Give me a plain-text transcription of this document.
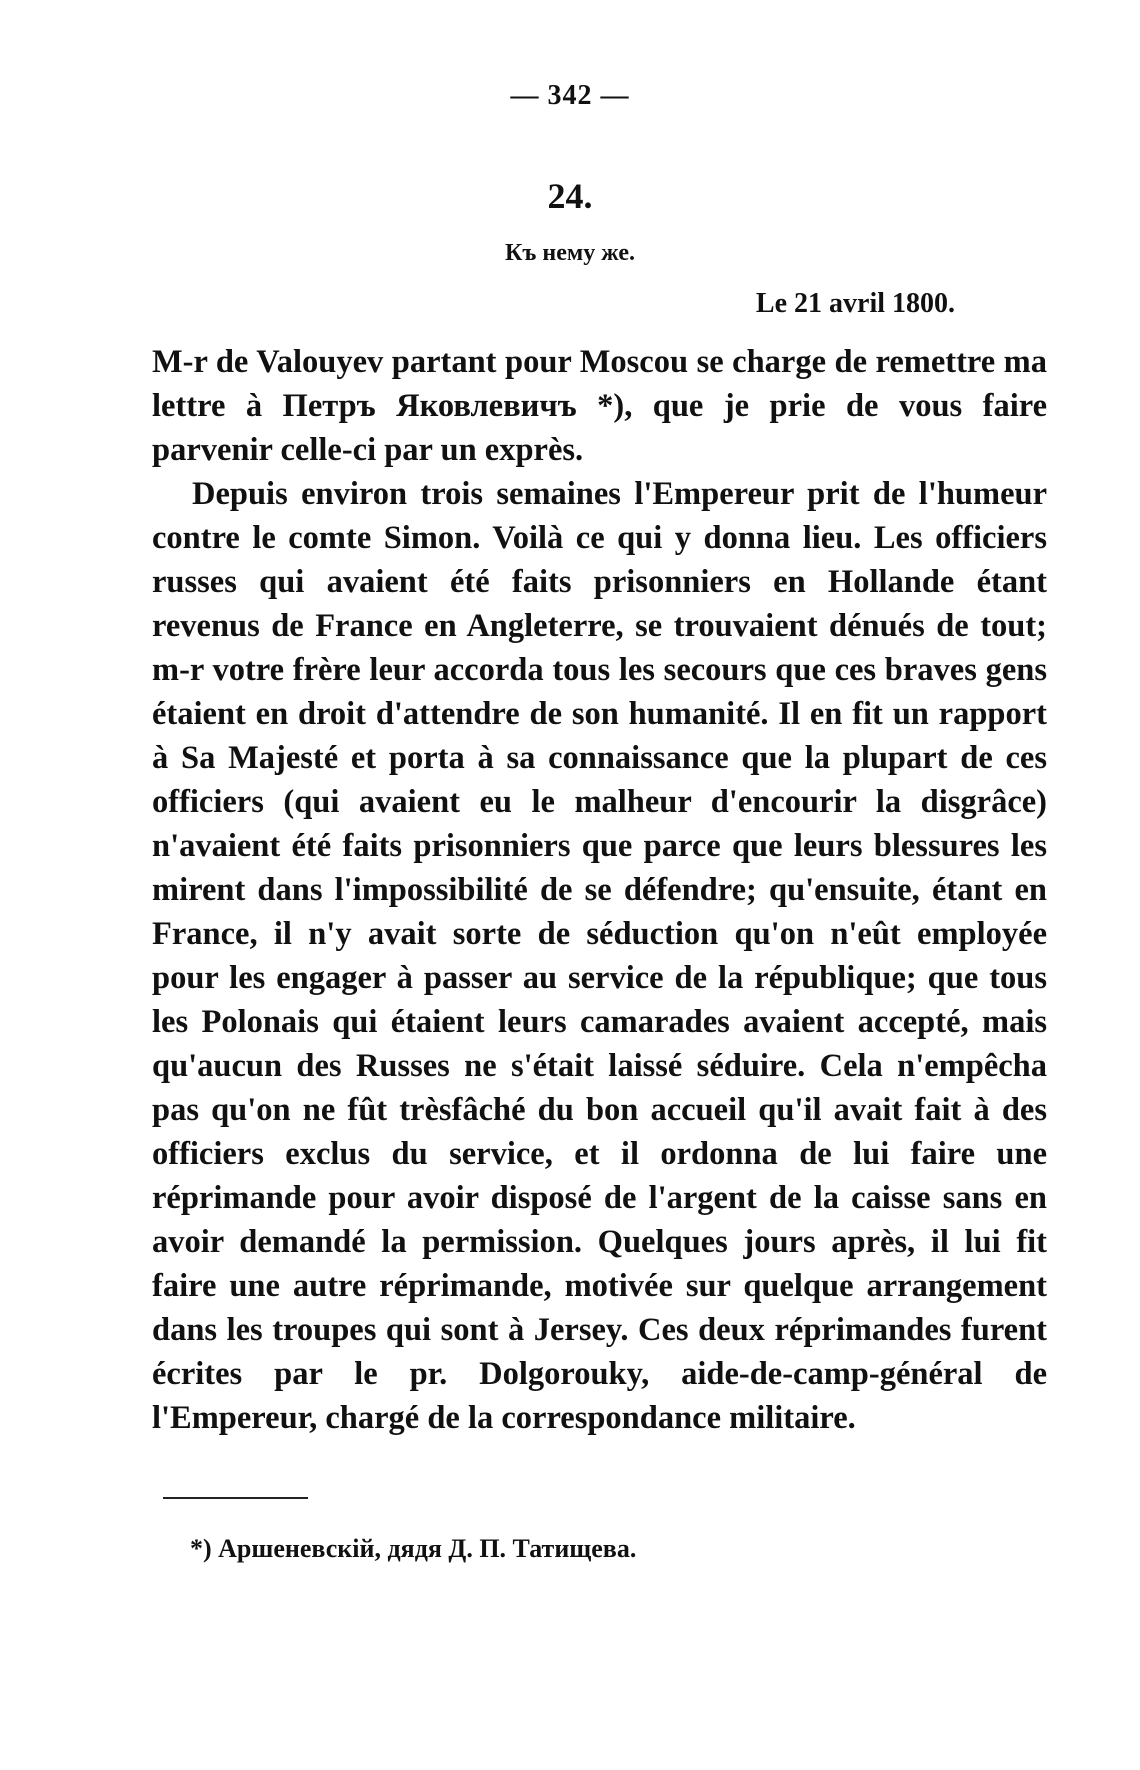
— 342 —
24.
Къ нему же.
Le 21 avril 1800.

M-r de Valouyev partant pour Moscou se charge de remettre ma lettre à Петръ Яковлевичъ *), que je prie de vous faire parvenir celle-ci par un exprès.

Depuis environ trois semaines l'Empereur prit de l'humeur contre le comte Simon. Voilà ce qui y donna lieu. Les officiers russes qui avaient été faits prisonniers en Hollande étant revenus de France en Angleterre, se trouvaient dénués de tout; m-r votre frère leur accorda tous les secours que ces braves gens étaient en droit d'attendre de son humanité. Il en fit un rapport à Sa Majesté et porta à sa connaissance que la plupart de ces officiers (qui avaient eu le malheur d'encourir la disgrâce) n'avaient été faits prisonniers que parce que leurs blessures les mirent dans l'impossibilité de se défendre; qu'ensuite, étant en France, il n'y avait sorte de séduction qu'on n'eût employée pour les engager à passer au service de la république; que tous les Polonais qui étaient leurs camarades avaient accepté, mais qu'aucun des Russes ne s'était laissé séduire. Cela n'empêcha pas qu'on ne fût trèsfâché du bon accueil qu'il avait fait à des officiers exclus du service, et il ordonna de lui faire une réprimande pour avoir disposé de l'argent de la caisse sans en avoir demandé la permission. Quelques jours après, il lui fit faire une autre réprimande, motivée sur quelque arrangement dans les troupes qui sont à Jersey. Ces deux réprimandes furent écrites par le pr. Dolgorouky, aide-de-camp-général de l'Empereur, chargé de la correspondance militaire.

*) Аршеневскій, дядя Д. П. Татищева.
